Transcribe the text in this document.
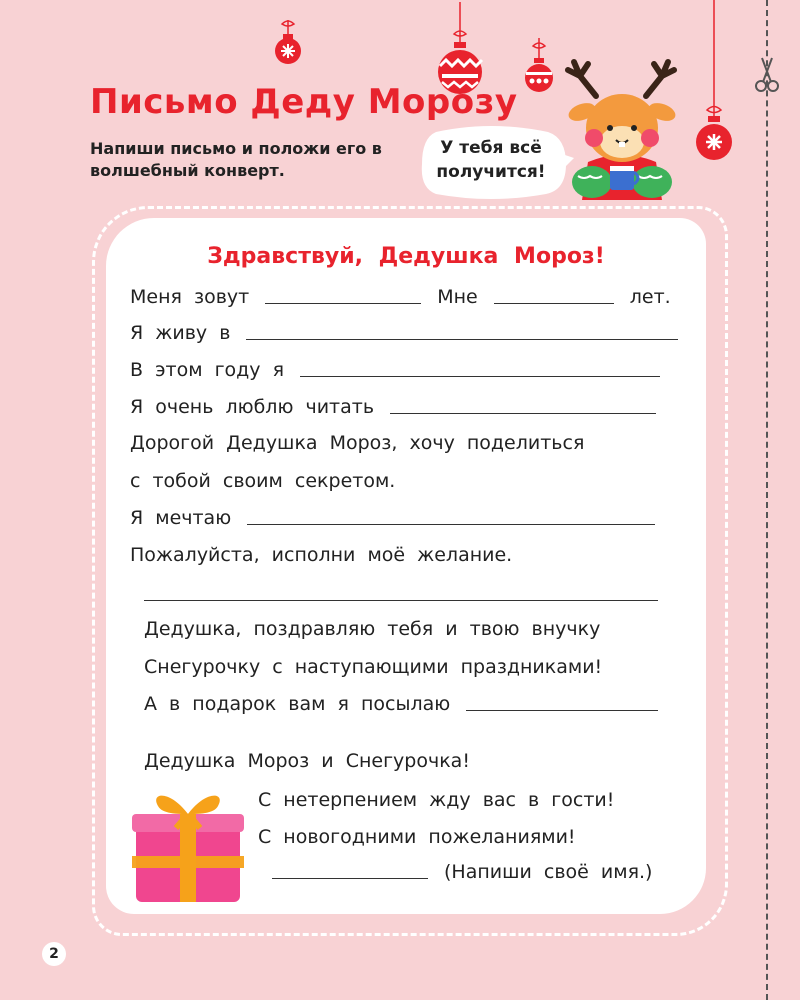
Письмо Деду Морозу
Напиши письмо и положи его в волшебный конверт.
У тебя всё получится!
Здравствуй, Дедушка Мороз!
Меня зовут	Мне	лет.
Я живу в
В этом году я
Я очень люблю читать
Дорогой Дедушка Мороз, хочу поделиться
с тобой своим секретом.
Я мечтаю
Пожалуйста, исполни моё желание.
Дедушка, поздравляю тебя и твою внучку
Снегурочку с наступающими праздниками!
А в подарок вам я посылаю
Дедушка Мороз и Снегурочка!
С нетерпением жду вас в гости!
С новогодними пожеланиями!
(Напиши своё имя.)
2
